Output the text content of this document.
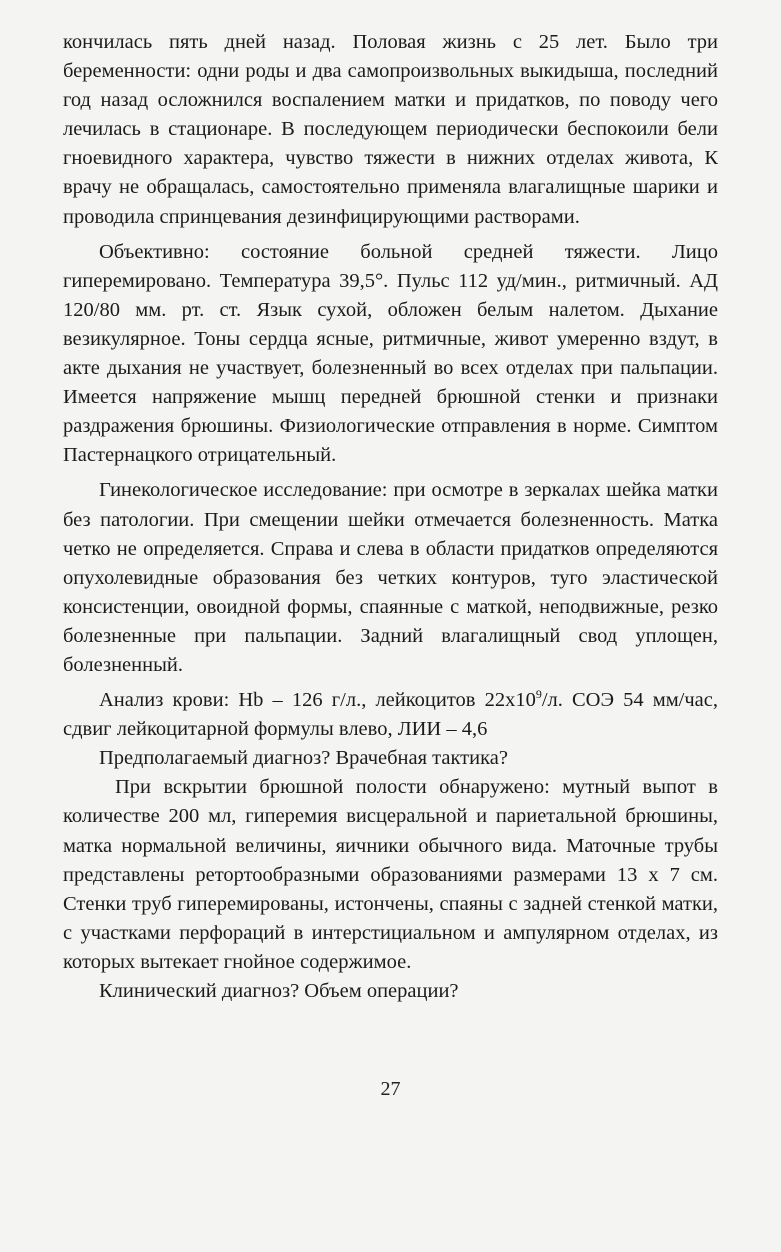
кончилась пять дней назад. Половая жизнь с 25 лет. Было три беременности: одни роды и два самопроизвольных выкидыша, последний год назад осложнился воспалением матки и придатков, по поводу чего лечилась в стационаре. В последующем периодически беспокоили бели гноевидного характера, чувство тяжести в нижних отделах живота, К врачу не обращалась, самостоятельно применяла влагалищные шарики и проводила спринцевания дезинфицирующими растворами.

Объективно: состояние больной средней тяжести. Лицо гиперемировано. Температура 39,5°. Пульс 112 уд/мин., ритмичный. АД 120/80 мм. рт. ст. Язык сухой, обложен белым налетом. Дыхание везикулярное. Тоны сердца ясные, ритмичные, живот умеренно вздут, в акте дыхания не участвует, болезненный во всех отделах при пальпации. Имеется напряжение мышц передней брюшной стенки и признаки раздражения брюшины. Физиологические отправления в норме. Симптом Пастернацкого отрицательный.

Гинекологическое исследование: при осмотре в зеркалах шейка матки без патологии. При смещении шейки отмечается болезненность. Матка четко не определяется. Справа и слева в области придатков определяются опухолевидные образования без четких контуров, туго эластической консистенции, овоидной формы, спаянные с маткой, неподвижные, резко болезненные при пальпации. Задний влагалищный свод уплощен, болезненный.

Анализ крови: Hb – 126 г/л., лейкоцитов $22х10^9/л$. СОЭ 54 мм/час, сдвиг лейкоцитарной формулы влево, ЛИИ – 4,6

Предполагаемый диагноз? Врачебная тактика?

При вскрытии брюшной полости обнаружено: мутный выпот в количестве 200 мл, гиперемия висцеральной и париетальной брюшины, матка нормальной величины, яичники обычного вида. Маточные трубы представлены ретортообразными образованиями размерами 13 х 7 см. Стенки труб гиперемированы, истончены, спаяны с задней стенкой матки, с участками перфораций в интерстициальном и ампулярном отделах, из которых вытекает гнойное содержимое.

Клинический диагноз? Объем операции?

27
